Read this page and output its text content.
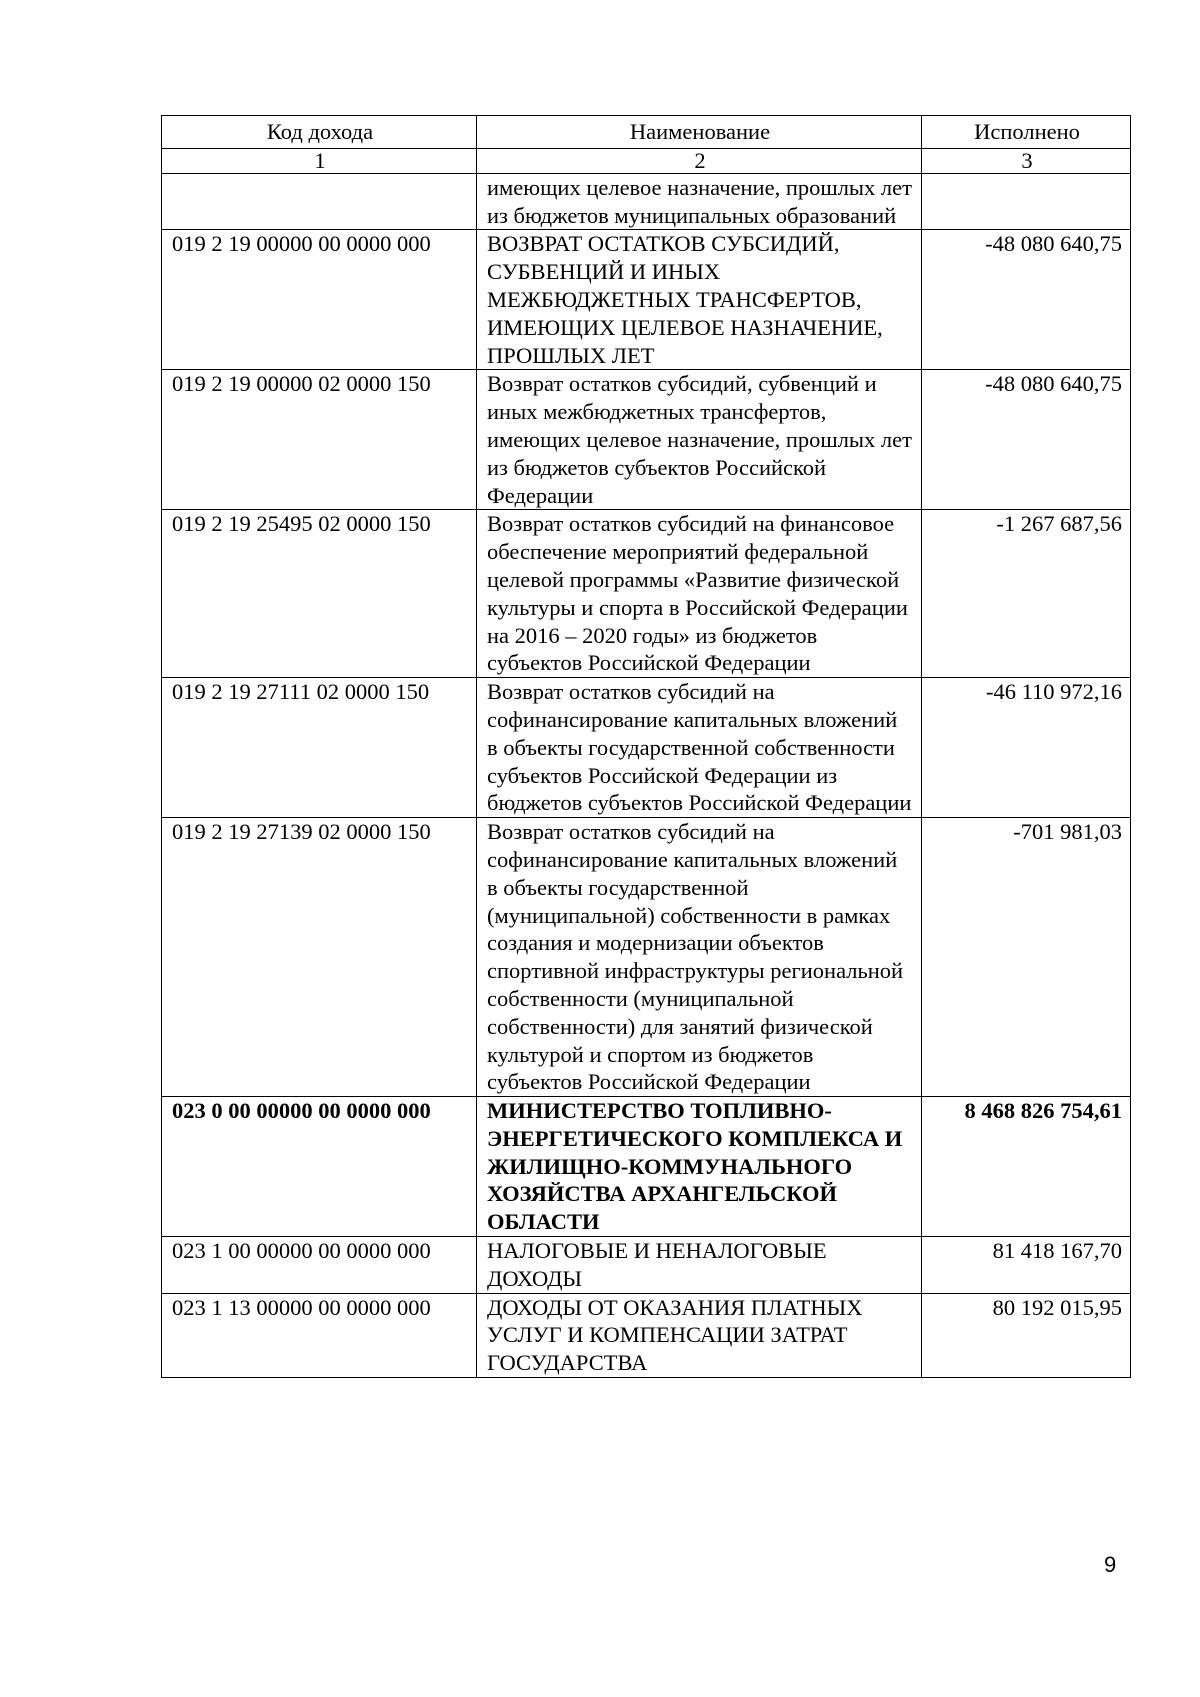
Код дохода	Наименование	Исполнено
1	2	3
	имеющих целевое назначение, прошлых лет из бюджетов муниципальных образований	
019 2 19 00000 00 0000 000	ВОЗВРАТ ОСТАТКОВ СУБСИДИЙ, СУБВЕНЦИЙ И ИНЫХ МЕЖБЮДЖЕТНЫХ ТРАНСФЕРТОВ, ИМЕЮЩИХ ЦЕЛЕВОЕ НАЗНАЧЕНИЕ, ПРОШЛЫХ ЛЕТ	-48 080 640,75
019 2 19 00000 02 0000 150	Возврат остатков субсидий, субвенций и иных межбюджетных трансфертов, имеющих целевое назначение, прошлых лет из бюджетов субъектов Российской Федерации	-48 080 640,75
019 2 19 25495 02 0000 150	Возврат остатков субсидий на финансовое обеспечение мероприятий федеральной целевой программы «Развитие физической культуры и спорта в Российской Федерации на 2016 – 2020 годы» из бюджетов субъектов Российской Федерации	-1 267 687,56
019 2 19 27111 02 0000 150	Возврат остатков субсидий на софинансирование капитальных вложений в объекты государственной собственности субъектов Российской Федерации из бюджетов субъектов Российской Федерации	-46 110 972,16
019 2 19 27139 02 0000 150	Возврат остатков субсидий на софинансирование капитальных вложений в объекты государственной (муниципальной) собственности в рамках создания и модернизации объектов спортивной инфраструктуры региональной собственности (муниципальной собственности) для занятий физической культурой и спортом из бюджетов субъектов Российской Федерации	-701 981,03
023 0 00 00000 00 0000 000	МИНИСТЕРСТВО ТОПЛИВНО-ЭНЕРГЕТИЧЕСКОГО КОМПЛЕКСА И ЖИЛИЩНО-КОММУНАЛЬНОГО ХОЗЯЙСТВА АРХАНГЕЛЬСКОЙ ОБЛАСТИ	8 468 826 754,61
023 1 00 00000 00 0000 000	НАЛОГОВЫЕ И НЕНАЛОГОВЫЕ ДОХОДЫ	81 418 167,70
023 1 13 00000 00 0000 000	ДОХОДЫ ОТ ОКАЗАНИЯ ПЛАТНЫХ УСЛУГ И КОМПЕНСАЦИИ ЗАТРАТ ГОСУДАРСТВА	80 192 015,95
9
